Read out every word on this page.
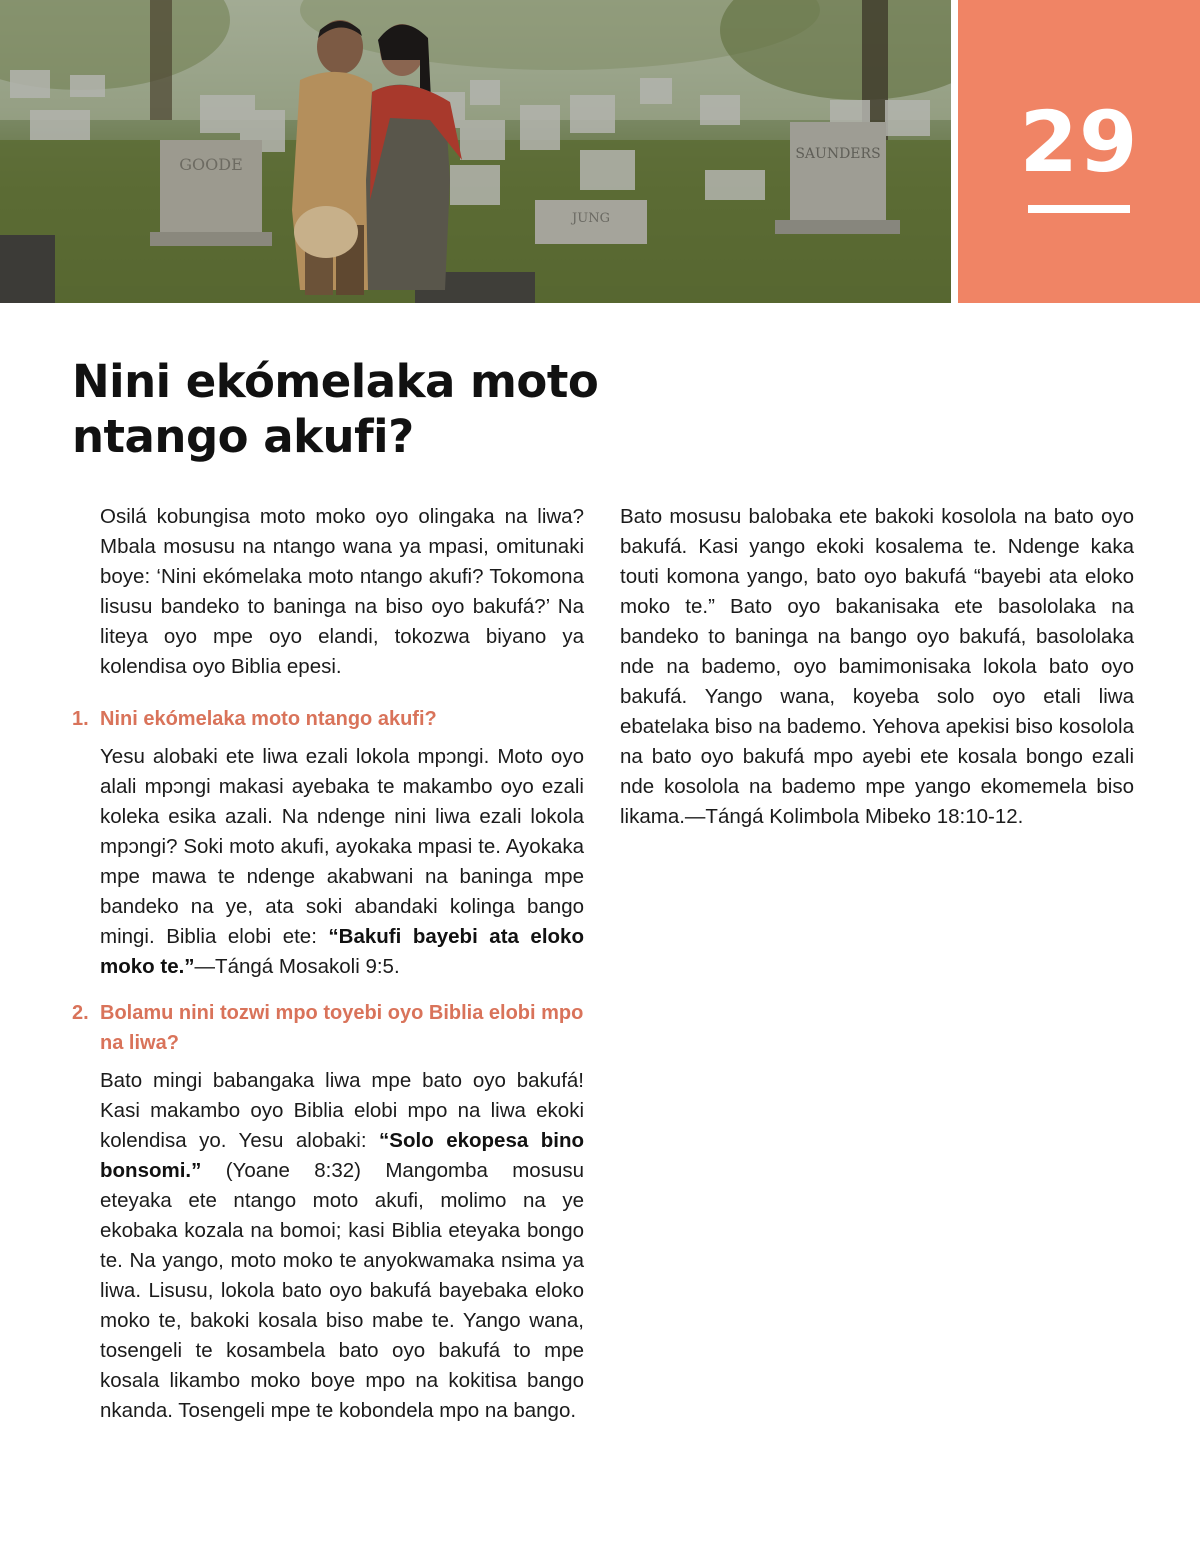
GOODE
SAUNDERS
JUNG
29
Nini ekómelaka moto ntango akufi?

Osilá kobungisa moto moko oyo olingaka na liwa? Mbala mosusu na ntango wana ya mpasi, omitunaki boye: ‘Nini ekómelaka moto ntango akufi? Tokomona lisusu bandeko to baninga na biso oyo bakufá?’ Na liteya oyo mpe oyo elandi, tokozwa biyano ya kolendisa oyo Biblia epesi.

1. Nini ekómelaka moto ntango akufi?

Yesu alobaki ete liwa ezali lokola mpɔngi. Moto oyo alali mpɔngi makasi ayebaka te makambo oyo ezali koleka esika azali. Na ndenge nini liwa ezali lokola mpɔngi? Soki moto akufi, ayokaka mpasi te. Ayokaka mpe mawa te ndenge akabwani na baninga mpe bandeko na ye, ata soki abandaki kolinga bango mingi. Biblia elobi ete: “Bakufi bayebi ata eloko moko te.”—Tángá Mosakoli 9:5.

2. Bolamu nini tozwi mpo toyebi oyo Biblia elobi mpo na liwa?

Bato mingi babangaka liwa mpe bato oyo bakufá! Kasi makambo oyo Biblia elobi mpo na liwa ekoki kolendisa yo. Yesu alobaki: “Solo ekopesa bino bonsomi.” (Yoane 8:32) Mangomba mosusu eteyaka ete ntango moto akufi, molimo na ye ekobaka kozala na bomoi; kasi Biblia eteyaka bongo te. Na yango, moto moko te anyokwamaka nsima ya liwa. Lisusu, lokola bato oyo bakufá bayebaka eloko moko te, bakoki kosala biso mabe te. Yango wana, tosengeli te kosambela bato oyo bakufá to mpe kosala likambo moko boye mpo na kokitisa bango nkanda. Tosengeli mpe te kobondela mpo na bango.

Bato mosusu balobaka ete bakoki kosolola na bato oyo bakufá. Kasi yango ekoki kosalema te. Ndenge kaka touti komona yango, bato oyo bakufá “bayebi ata eloko moko te.” Bato oyo bakanisaka ete basololaka na bandeko to baninga na bango oyo bakufá, basololaka nde na bademo, oyo bamimonisaka lokola bato oyo bakufá. Yango wana, koyeba solo oyo etali liwa ebatelaka biso na bademo. Yehova apekisi biso kosolola na bato oyo bakufá mpo ayebi ete kosala bongo ezali nde kosolola na bademo mpe yango ekomemela biso likama.—Tángá Kolimbola Mibeko 18:10-12.
